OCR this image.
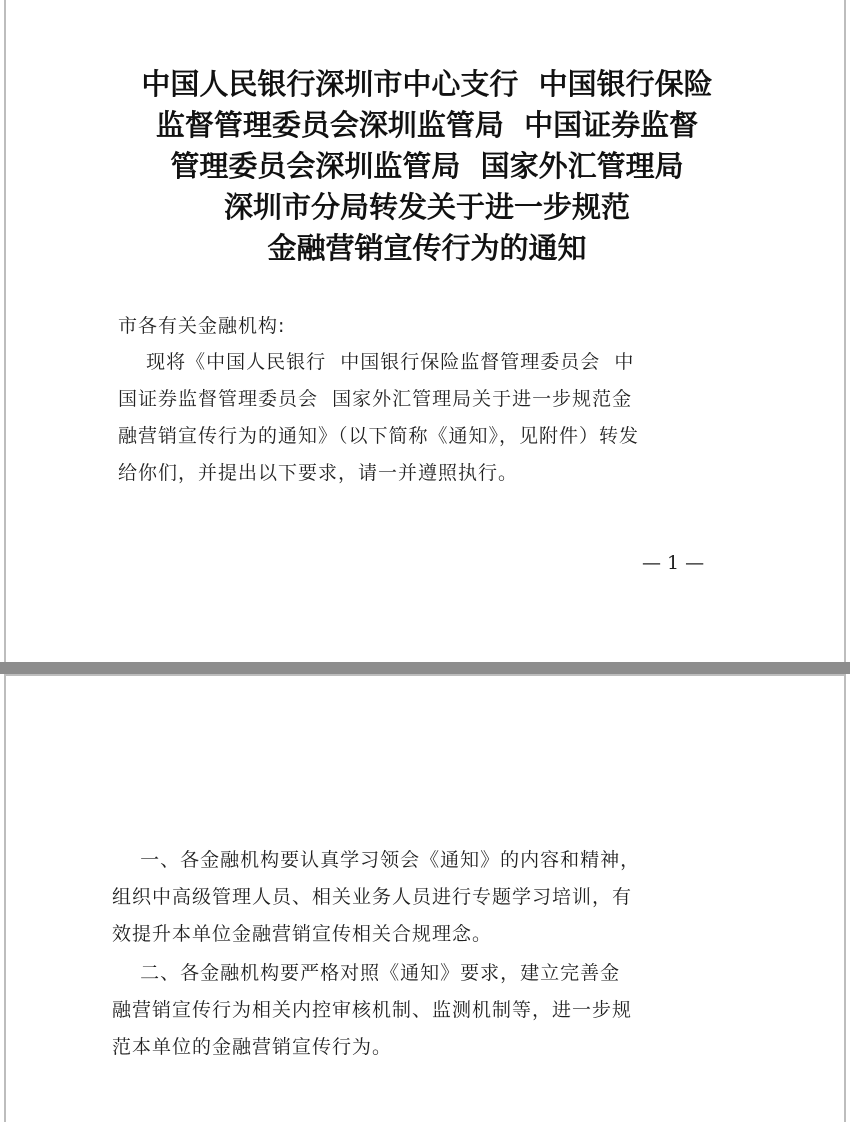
中国人民银行深圳市中心支行  中国银行保险
监督管理委员会深圳监管局  中国证券监督
管理委员会深圳监管局  国家外汇管理局
深圳市分局转发关于进一步规范
金融营销宣传行为的通知
市各有关金融机构:
现将《中国人民银行  中国银行保险监督管理委员会  中
国证券监督管理委员会  国家外汇管理局关于进一步规范金
融营销宣传行为的通知》（以下简称《通知》，见附件）转发
给你们，并提出以下要求，请一并遵照执行。
— 1 —
一、各金融机构要认真学习领会《通知》的内容和精神，
组织中高级管理人员、相关业务人员进行专题学习培训，有
效提升本单位金融营销宣传相关合规理念。
二、各金融机构要严格对照《通知》要求，建立完善金
融营销宣传行为相关内控审核机制、监测机制等，进一步规
范本单位的金融营销宣传行为。
